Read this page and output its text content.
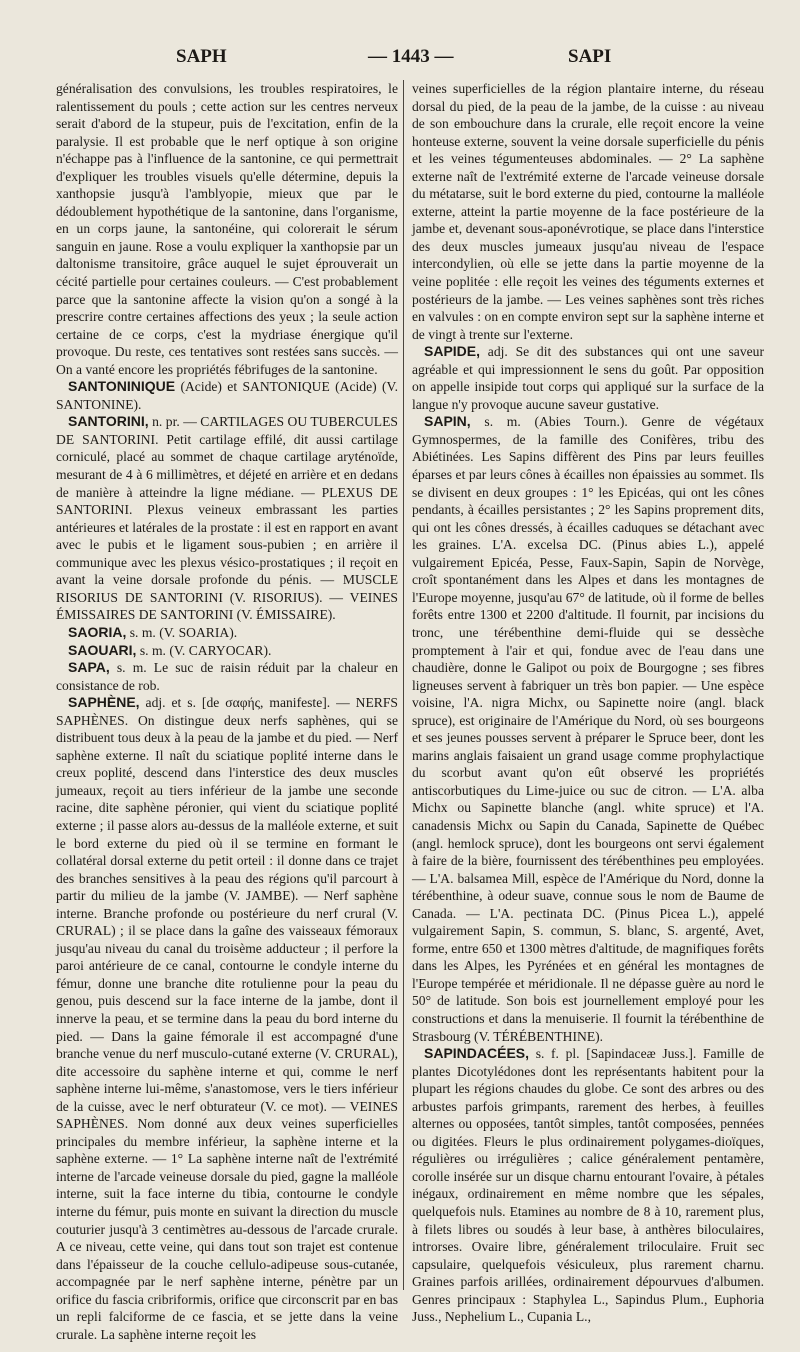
SAPH	— 1443 —	SAPI

généralisation des convulsions, les troubles respiratoires, le ralentissement du pouls ; cette action sur les centres nerveux serait d'abord de la stupeur, puis de l'excitation, enfin de la paralysie. Il est probable que le nerf optique à son origine n'échappe pas à l'influence de la santonine, ce qui permettrait d'expliquer les troubles visuels qu'elle détermine, depuis la xanthopsie jusqu'à l'amblyopie, mieux que par le dédoublement hypothétique de la santonine, dans l'organisme, en un corps jaune, la santonéine, qui colorerait le sérum sanguin en jaune. Rose a voulu expliquer la xanthopsie par un daltonisme transitoire, grâce auquel le sujet éprouverait un cécité partielle pour certaines couleurs. — C'est probablement parce que la santonine affecte la vision qu'on a songé à la prescrire contre certaines affections des yeux ; la seule action certaine de ce corps, c'est la mydriase énergique qu'il provoque. Du reste, ces tentatives sont restées sans succès. — On a vanté encore les propriétés fébrifuges de la santonine.

SANTONINIQUE (Acide) et SANTONIQUE (Acide) (V. SANTONINE).

SANTORINI, n. pr. — CARTILAGES OU TUBERCULES DE SANTORINI. Petit cartilage effilé, dit aussi cartilage corniculé, placé au sommet de chaque cartilage aryténoïde, mesurant de 4 à 6 millimètres, et déjeté en arrière et en dedans de manière à atteindre la ligne médiane. — PLEXUS DE SANTORINI. Plexus veineux embrassant les parties antérieures et latérales de la prostate : il est en rapport en avant avec le pubis et le ligament sous-pubien ; en arrière il communique avec les plexus vésico-prostatiques ; il reçoit en avant la veine dorsale profonde du pénis. — MUSCLE RISORIUS DE SANTORINI (V. RISORIUS). — VEINES ÉMISSAIRES DE SANTORINI (V. ÉMISSAIRE).

SAORIA, s. m. (V. SOARIA).

SAOUARI, s. m. (V. CARYOCAR).

SAPA, s. m. Le suc de raisin réduit par la chaleur en consistance de rob.

SAPHÈNE, adj. et s. [de σαφής, manifeste]. — NERFS SAPHÈNES. On distingue deux nerfs saphènes, qui se distribuent tous deux à la peau de la jambe et du pied. — Nerf saphène externe. Il naît du sciatique poplité interne dans le creux poplité, descend dans l'interstice des deux muscles jumeaux, reçoit au tiers inférieur de la jambe une seconde racine, dite saphène péronier, qui vient du sciatique poplité externe ; il passe alors au-dessus de la malléole externe, et suit le bord externe du pied où il se termine en formant le collatéral dorsal externe du petit orteil : il donne dans ce trajet des branches sensitives à la peau des régions qu'il parcourt à partir du milieu de la jambe (V. JAMBE). — Nerf saphène interne. Branche profonde ou postérieure du nerf crural (V. CRURAL) ; il se place dans la gaîne des vaisseaux fémoraux jusqu'au niveau du canal du troisème adducteur ; il perfore la paroi antérieure de ce canal, contourne le condyle interne du fémur, donne une branche dite rotulienne pour la peau du genou, puis descend sur la face interne de la jambe, dont il innerve la peau, et se termine dans la peau du bord interne du pied. — Dans la gaine fémorale il est accompagné d'une branche venue du nerf musculo-cutané externe (V. CRURAL), dite accessoire du saphène interne et qui, comme le nerf saphène interne lui-même, s'anastomose, vers le tiers inférieur de la cuisse, avec le nerf obturateur (V. ce mot). — VEINES SAPHÈNES. Nom donné aux deux veines superficielles principales du membre inférieur, la saphène interne et la saphène externe. — 1° La saphène interne naît de l'extrémité interne de l'arcade veineuse dorsale du pied, gagne la malléole interne, suit la face interne du tibia, contourne le condyle interne du fémur, puis monte en suivant la direction du muscle couturier jusqu'à 3 centimètres au-dessous de l'arcade crurale. A ce niveau, cette veine, qui dans tout son trajet est contenue dans l'épaisseur de la couche cellulo-adipeuse sous-cutanée, accompagnée par le nerf saphène interne, pénètre par un orifice du fascia cribriformis, orifice que circonscrit par en bas un repli falciforme de ce fascia, et se jette dans la veine crurale. La saphène interne reçoit les

veines superficielles de la région plantaire interne, du réseau dorsal du pied, de la peau de la jambe, de la cuisse : au niveau de son embouchure dans la crurale, elle reçoit encore la veine honteuse externe, souvent la veine dorsale superficielle du pénis et les veines tégumenteuses abdominales. — 2° La saphène externe naît de l'extrémité externe de l'arcade veineuse dorsale du métatarse, suit le bord externe du pied, contourne la malléole externe, atteint la partie moyenne de la face postérieure de la jambe et, devenant sous-aponévrotique, se place dans l'interstice des deux muscles jumeaux jusqu'au niveau de l'espace intercondylien, où elle se jette dans la partie moyenne de la veine poplitée : elle reçoit les veines des téguments externes et postérieurs de la jambe. — Les veines saphènes sont très riches en valvules : on en compte environ sept sur la saphène interne et de vingt à trente sur l'externe.

SAPIDE, adj. Se dit des substances qui ont une saveur agréable et qui impressionnent le sens du goût. Par opposition on appelle insipide tout corps qui appliqué sur la surface de la langue n'y provoque aucune saveur gustative.

SAPIN, s. m. (Abies Tourn.). Genre de végétaux Gymnospermes, de la famille des Conifères, tribu des Abiétinées. Les Sapins diffèrent des Pins par leurs feuilles éparses et par leurs cônes à écailles non épaissies au sommet. Ils se divisent en deux groupes : 1° les Epicéas, qui ont les cônes pendants, à écailles persistantes ; 2° les Sapins proprement dits, qui ont les cônes dressés, à écailles caduques se détachant avec les graines. L'A. excelsa DC. (Pinus abies L.), appelé vulgairement Epicéa, Pesse, Faux-Sapin, Sapin de Norvège, croît spontanément dans les Alpes et dans les montagnes de l'Europe moyenne, jusqu'au 67° de latitude, où il forme de belles forêts entre 1300 et 2200 d'altitude. Il fournit, par incisions du tronc, une térébenthine demi-fluide qui se dessèche promptement à l'air et qui, fondue avec de l'eau dans une chaudière, donne le Galipot ou poix de Bourgogne ; ses fibres ligneuses servent à fabriquer un très bon papier. — Une espèce voisine, l'A. nigra Michx, ou Sapinette noire (angl. black spruce), est originaire de l'Amérique du Nord, où ses bourgeons et ses jeunes pousses servent à préparer le Spruce beer, dont les marins anglais faisaient un grand usage comme prophylactique du scorbut avant qu'on eût observé les propriétés antiscorbutiques du Lime-juice ou suc de citron. — L'A. alba Michx ou Sapinette blanche (angl. white spruce) et l'A. canadensis Michx ou Sapin du Canada, Sapinette de Québec (angl. hemlock spruce), dont les bourgeons ont servi également à faire de la bière, fournissent des térébenthines peu employées. — L'A. balsamea Mill, espèce de l'Amérique du Nord, donne la térébenthine, à odeur suave, connue sous le nom de Baume de Canada. — L'A. pectinata DC. (Pinus Picea L.), appelé vulgairement Sapin, S. commun, S. blanc, S. argenté, Avet, forme, entre 650 et 1300 mètres d'altitude, de magnifiques forêts dans les Alpes, les Pyrénées et en général les montagnes de l'Europe tempérée et méridionale. Il ne dépasse guère au nord le 50° de latitude. Son bois est journellement employé pour les constructions et dans la menuiserie. Il fournit la térébenthine de Strasbourg (V. TÉRÉBENTHINE).

SAPINDACÉES, s. f. pl. [Sapindaceæ Juss.]. Famille de plantes Dicotylédones dont les représentants habitent pour la plupart les régions chaudes du globe. Ce sont des arbres ou des arbustes parfois grimpants, rarement des herbes, à feuilles alternes ou opposées, tantôt simples, tantôt composées, pennées ou digitées. Fleurs le plus ordinairement polygames-dioïques, régulières ou irrégulières ; calice généralement pentamère, corolle insérée sur un disque charnu entourant l'ovaire, à pétales inégaux, ordinairement en même nombre que les sépales, quelquefois nuls. Etamines au nombre de 8 à 10, rarement plus, à filets libres ou soudés à leur base, à anthères biloculaires, introrses. Ovaire libre, généralement triloculaire. Fruit sec capsulaire, quelquefois vésiculeux, plus rarement charnu. Graines parfois arillées, ordinairement dépourvues d'albumen. Genres principaux : Staphylea L., Sapindus Plum., Euphoria Juss., Nephelium L., Cupania L.,
